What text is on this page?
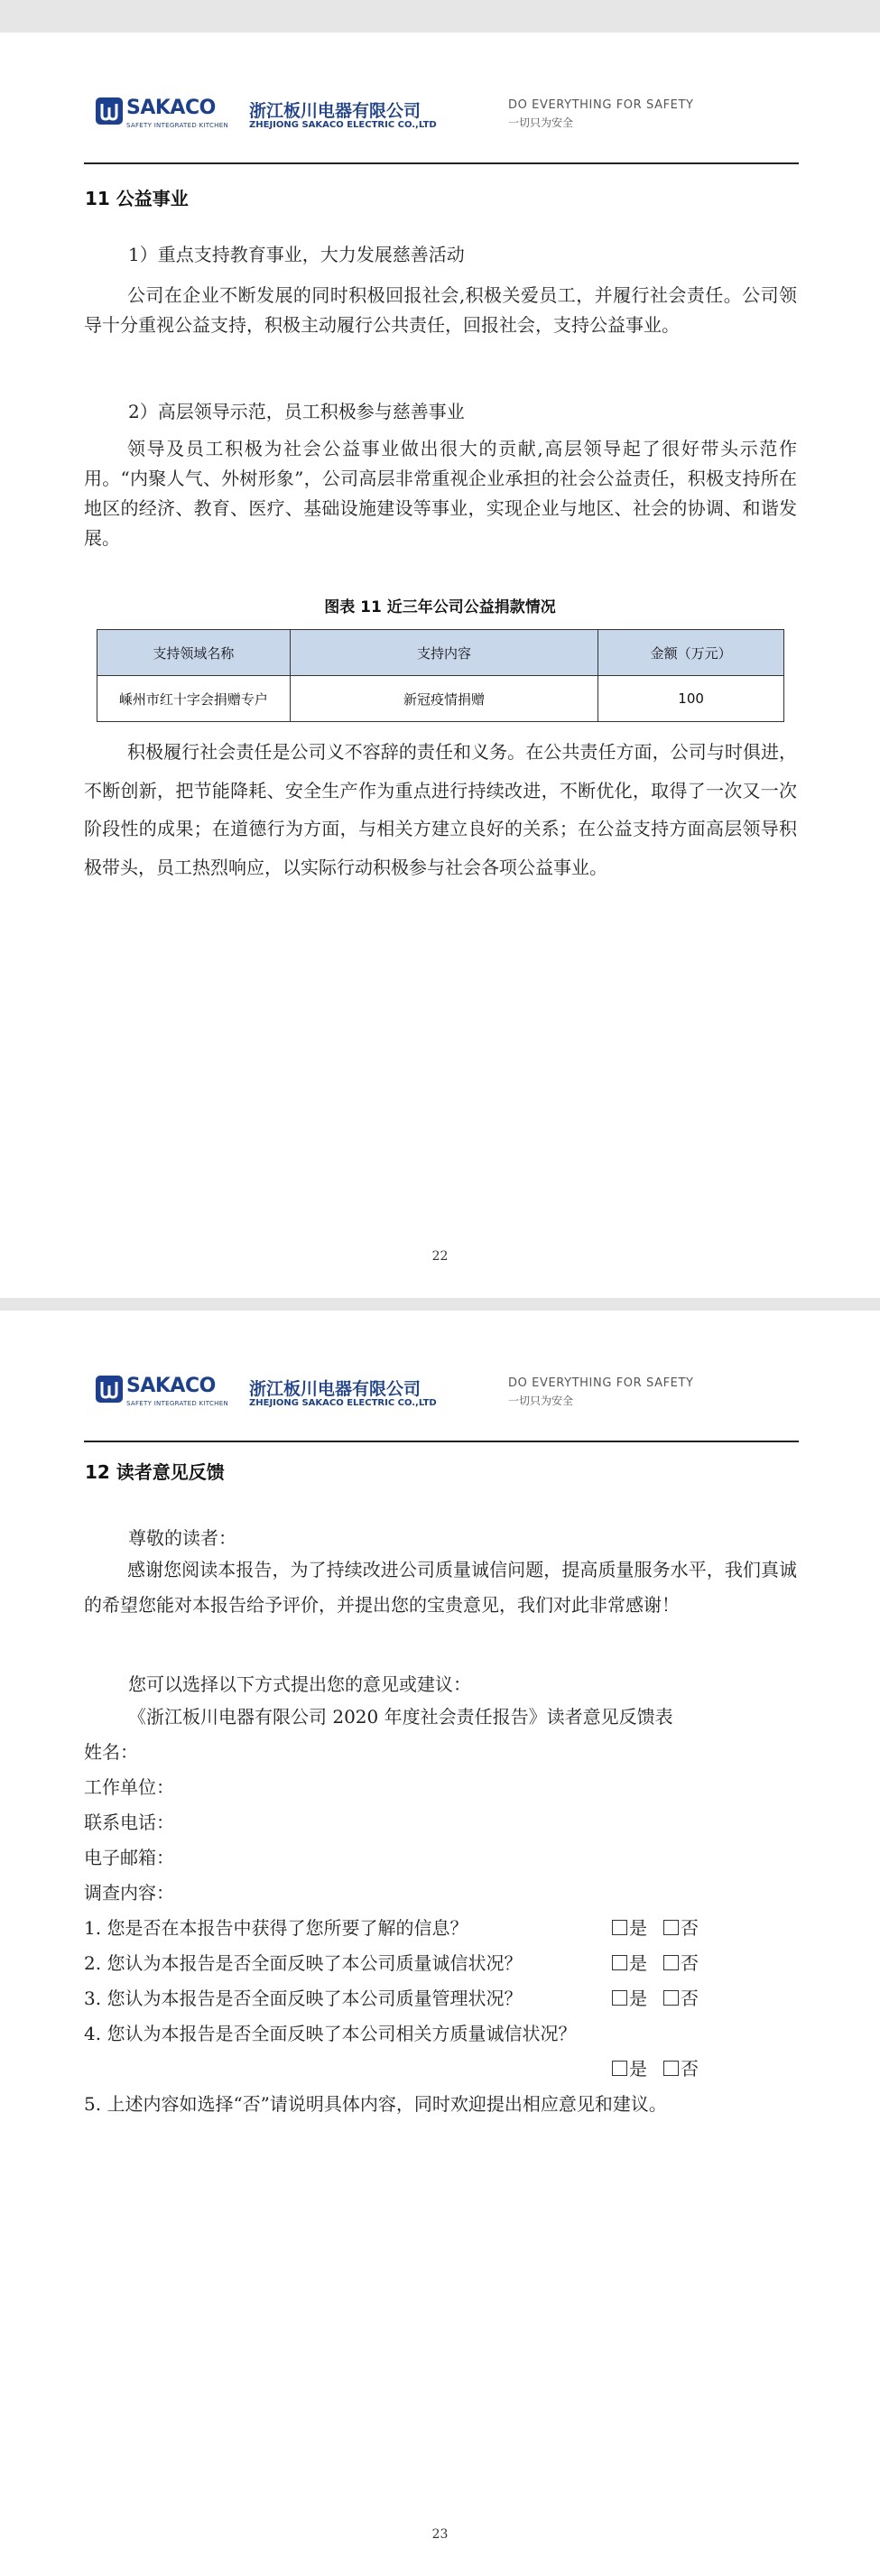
SAKACO
SAFETY INTEGRATED KITCHEN
浙江板川电器有限公司
ZHEJIONG SAKACO ELECTRIC CO.,LTD
DO EVERYTHING FOR SAFETY
一切只为安全
11 公益事业
1）重点支持教育事业，大力发展慈善活动

公司在企业不断发展的同时积极回报社会,积极关爱员工，并履行社会责任。公司领导十分重视公益支持，积极主动履行公共责任，回报社会，支持公益事业。

2）高层领导示范，员工积极参与慈善事业

领导及员工积极为社会公益事业做出很大的贡献,高层领导起了很好带头示范作用。“内聚人气、外树形象”，公司高层非常重视企业承担的社会公益责任，积极支持所在地区的经济、教育、医疗、基础设施建设等事业，实现企业与地区、社会的协调、和谐发展。

图表 11 近三年公司公益捐款情况
支持领域名称	支持内容	金额（万元）
嵊州市红十字会捐赠专户	新冠疫情捐赠	100

积极履行社会责任是公司义不容辞的责任和义务。在公共责任方面，公司与时俱进，不断创新，把节能降耗、安全生产作为重点进行持续改进，不断优化，取得了一次又一次阶段性的成果；在道德行为方面，与相关方建立良好的关系；在公益支持方面高层领导积极带头，员工热烈响应，以实际行动积极参与社会各项公益事业。

22
SAKACO
SAFETY INTEGRATED KITCHEN
浙江板川电器有限公司
ZHEJIONG SAKACO ELECTRIC CO.,LTD
DO EVERYTHING FOR SAFETY
一切只为安全
12 读者意见反馈
尊敬的读者：
感谢您阅读本报告，为了持续改进公司质量诚信问题，提高质量服务水平，我们真诚的希望您能对本报告给予评价，并提出您的宝贵意见，我们对此非常感谢！
您可以选择以下方式提出您的意见或建议：
《浙江板川电器有限公司 2020 年度社会责任报告》读者意见反馈表
姓名：
工作单位：
联系电话：
电子邮箱：
调查内容：
1. 您是否在本报告中获得了您所要了解的信息？	是 否
2. 您认为本报告是否全面反映了本公司质量诚信状况？	是 否
3. 您认为本报告是否全面反映了本公司质量管理状况？	是 否
4. 您认为本报告是否全面反映了本公司相关方质量诚信状况？
是 否
5. 上述内容如选择“否”请说明具体内容，同时欢迎提出相应意见和建议。
23
